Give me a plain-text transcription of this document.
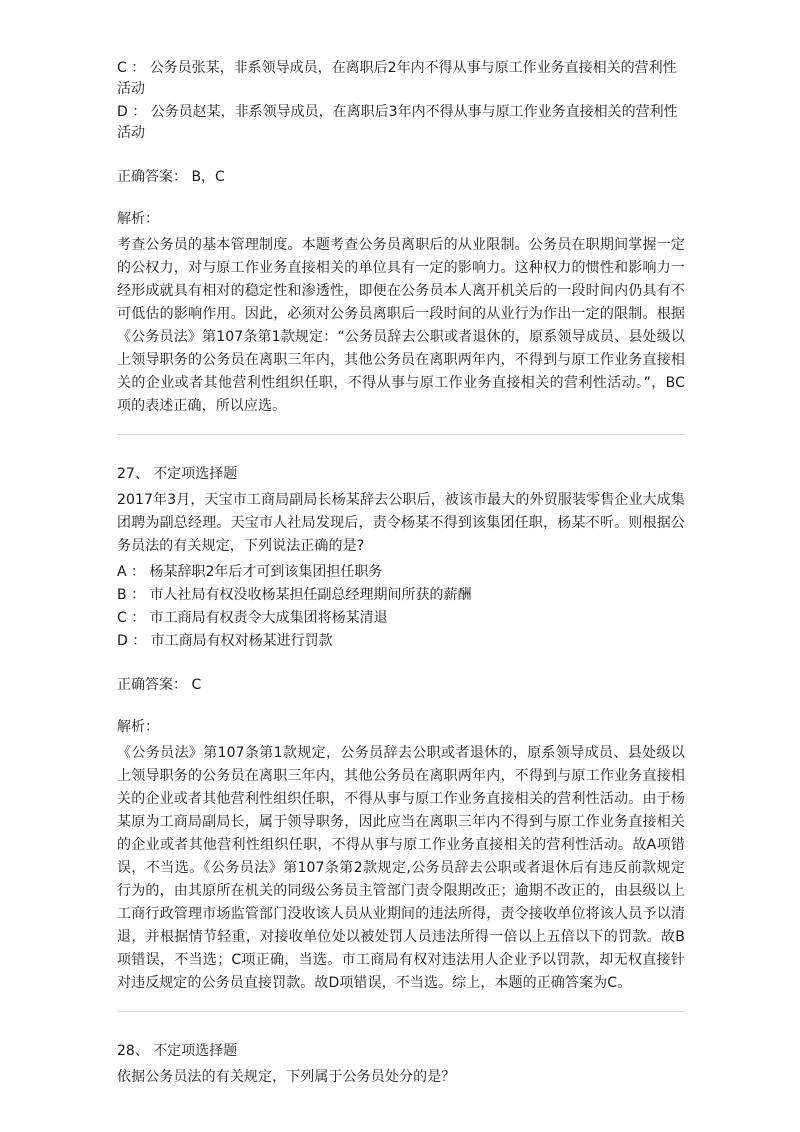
C ： 公务员张某，非系领导成员，在离职后2年内不得从事与原工作业务直接相关的营利性活动
D ： 公务员赵某，非系领导成员，在离职后3年内不得从事与原工作业务直接相关的营利性活动
正确答案： B，C
解析：
考查公务员的基本管理制度。本题考查公务员离职后的从业限制。公务员在职期间掌握一定的公权力，对与原工作业务直接相关的单位具有一定的影响力。这种权力的惯性和影响力一经形成就具有相对的稳定性和渗透性，即便在公务员本人离开机关后的一段时间内仍具有不可低估的影响作用。因此，必须对公务员离职后一段时间的从业行为作出一定的限制。根据《公务员法》第107条第1款规定：“公务员辞去公职或者退休的，原系领导成员、县处级以上领导职务的公务员在离职三年内，其他公务员在离职两年内，不得到与原工作业务直接相关的企业或者其他营利性组织任职，不得从事与原工作业务直接相关的营利性活动。”，BC项的表述正确，所以应选。
27、 不定项选择题
2017年3月，天宝市工商局副局长杨某辞去公职后，被该市最大的外贸服装零售企业大成集团聘为副总经理。天宝市人社局发现后，责令杨某不得到该集团任职，杨某不听。则根据公务员法的有关规定，下列说法正确的是?
A ： 杨某辞职2年后才可到该集团担任职务
B ： 市人社局有权没收杨某担任副总经理期间所获的薪酬
C ： 市工商局有权责令大成集团将杨某清退
D ： 市工商局有权对杨某进行罚款
正确答案： C
解析：
《公务员法》第107条第1款规定，公务员辞去公职或者退休的，原系领导成员、县处级以上领导职务的公务员在离职三年内，其他公务员在离职两年内，不得到与原工作业务直接相关的企业或者其他营利性组织任职，不得从事与原工作业务直接相关的营利性活动。由于杨某原为工商局副局长，属于领导职务，因此应当在离职三年内不得到与原工作业务直接相关的企业或者其他营利性组织任职，不得从事与原工作业务直接相关的营利性活动。故A项错误，不当选。《公务员法》第107条第2款规定,公务员辞去公职或者退休后有违反前款规定行为的，由其原所在机关的同级公务员主管部门责令限期改正；逾期不改正的，由县级以上工商行政管理市场监管部门没收该人员从业期间的违法所得，责令接收单位将该人员予以清退，并根据情节轻重，对接收单位处以被处罚人员违法所得一倍以上五倍以下的罚款。故B项错误，不当选；C项正确，当选。市工商局有权对违法用人企业予以罚款，却无权直接针对违反规定的公务员直接罚款。故D项错误，不当选。综上，本题的正确答案为C。
28、 不定项选择题
依据公务员法的有关规定，下列属于公务员处分的是？
